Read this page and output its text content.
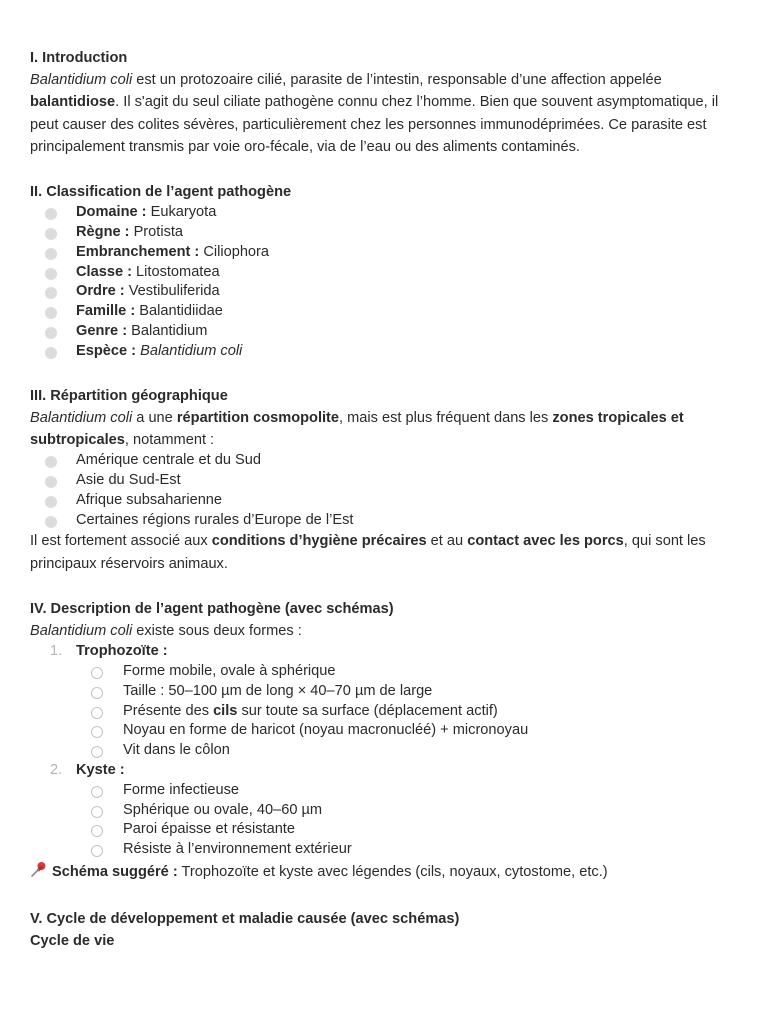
I. Introduction
Balantidium coli est un protozoaire cilié, parasite de l’intestin, responsable d’une affection appelée balantidiose. Il s'agit du seul ciliate pathogène connu chez l’homme. Bien que souvent asymptomatique, il peut causer des colites sévères, particulièrement chez les personnes immunodéprimées. Ce parasite est principalement transmis par voie oro-fécale, via de l’eau ou des aliments contaminés.
II. Classification de l’agent pathogène
Domaine : Eukaryota
Règne : Protista
Embranchement : Ciliophora
Classe : Litostomatea
Ordre : Vestibuliferida
Famille : Balantidiidae
Genre : Balantidium
Espèce : Balantidium coli
III. Répartition géographique
Balantidium coli a une répartition cosmopolite, mais est plus fréquent dans les zones tropicales et subtropicales, notamment :
Amérique centrale et du Sud
Asie du Sud-Est
Afrique subsaharienne
Certaines régions rurales d’Europe de l’Est
Il est fortement associé aux conditions d’hygiène précaires et au contact avec les porcs, qui sont les principaux réservoirs animaux.
IV. Description de l’agent pathogène (avec schémas)
Balantidium coli existe sous deux formes :
1. Trophozoïte :
Forme mobile, ovale à sphérique
Taille : 50–100 µm de long × 40–70 µm de large
Présente des cils sur toute sa surface (déplacement actif)
Noyau en forme de haricot (noyau macronucléé) + micronoyau
Vit dans le côlon
2. Kyste :
Forme infectieuse
Sphérique ou ovale, 40–60 µm
Paroi épaisse et résistante
Résiste à l’environnement extérieur
Schéma suggéré : Trophozoïte et kyste avec légendes (cils, noyaux, cytostome, etc.)
V. Cycle de développement et maladie causée (avec schémas)
Cycle de vie
